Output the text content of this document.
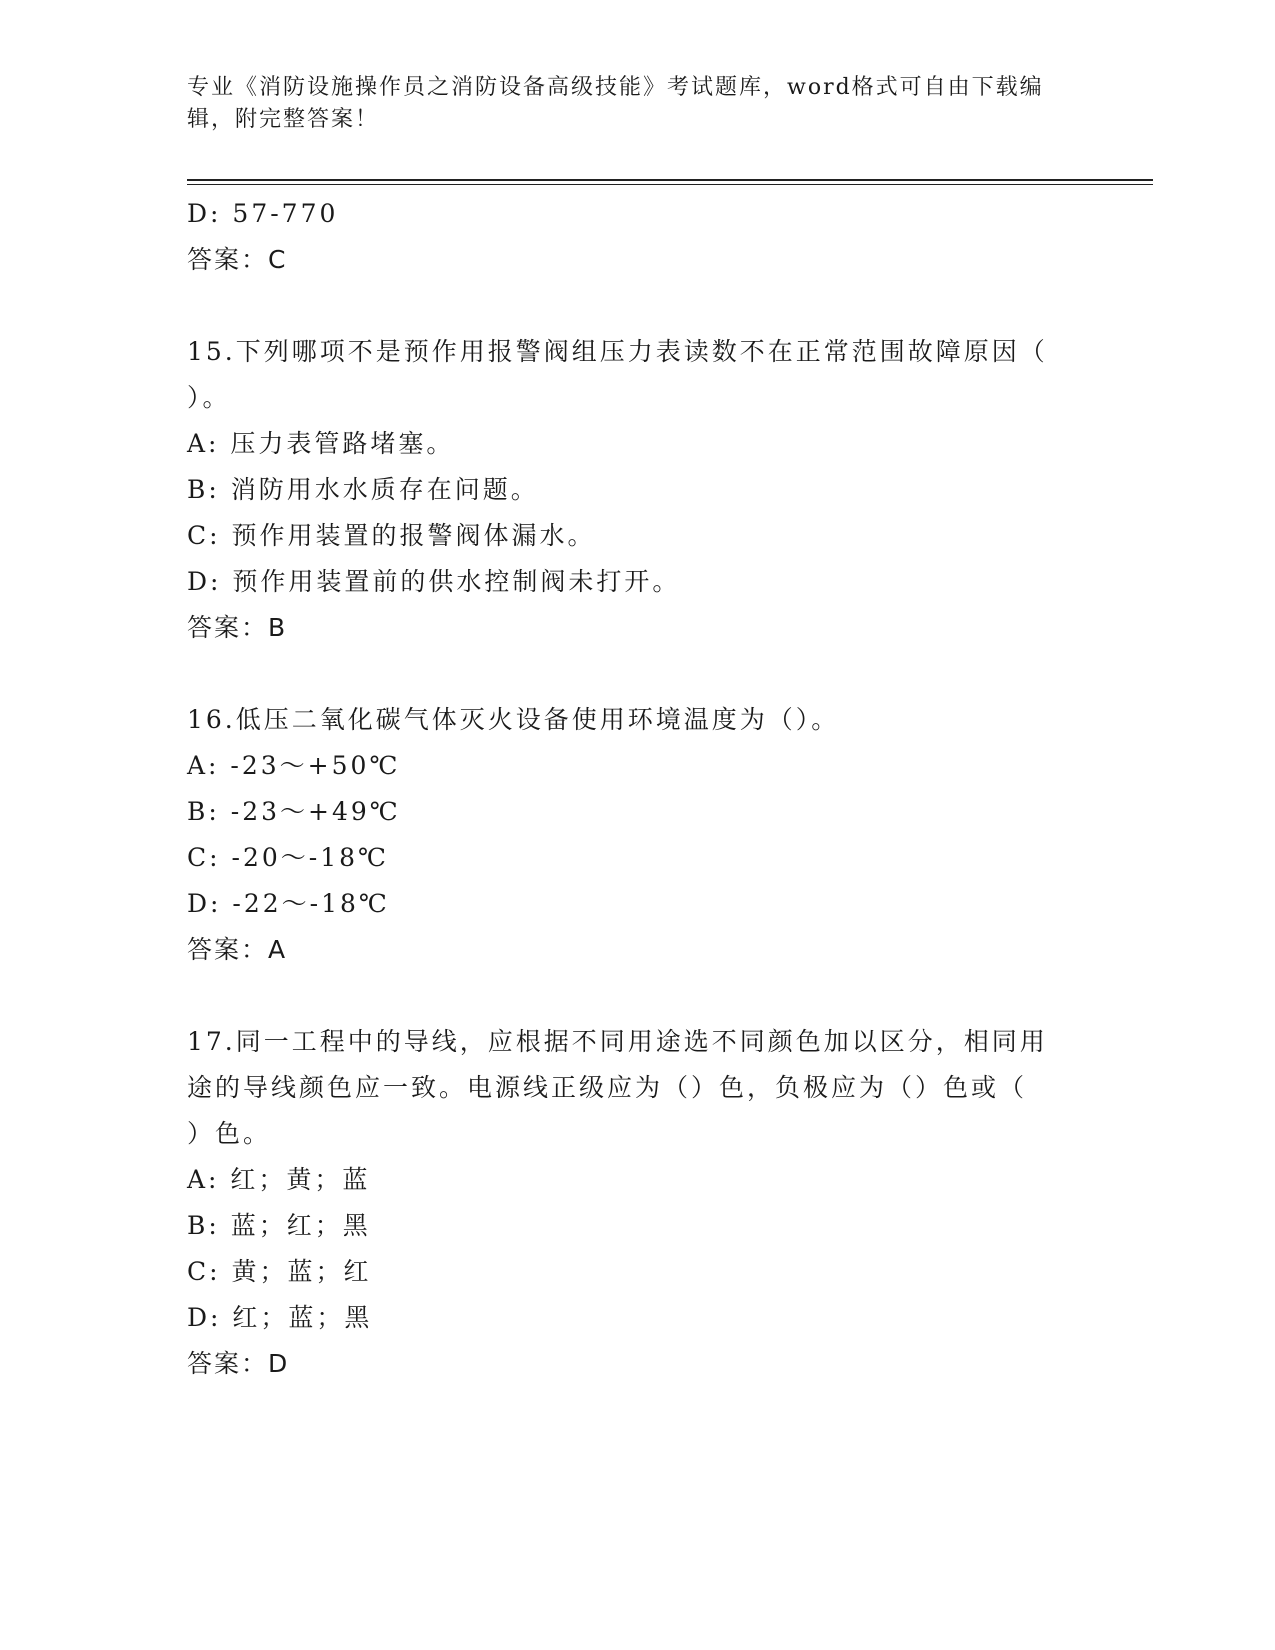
专业《消防设施操作员之消防设备高级技能》考试题库，word格式可自由下载编辑，附完整答案！
D: 57-770
答案：C
15.下列哪项不是预作用报警阀组压力表读数不在正常范围故障原因（
）。
A: 压力表管路堵塞。
B: 消防用水水质存在问题。
C: 预作用装置的报警阀体漏水。
D: 预作用装置前的供水控制阀未打开。
答案：B
16.低压二氧化碳气体灭火设备使用环境温度为（）。
A: -23～+50℃
B: -23～+49℃
C: -20～-18℃
D: -22～-18℃
答案：A
17.同一工程中的导线，应根据不同用途选不同颜色加以区分，相同用
途的导线颜色应一致。电源线正级应为（）色，负极应为（）色或（
）色。
A: 红；黄；蓝
B: 蓝；红；黑
C: 黄；蓝；红
D: 红；蓝；黑
答案：D
